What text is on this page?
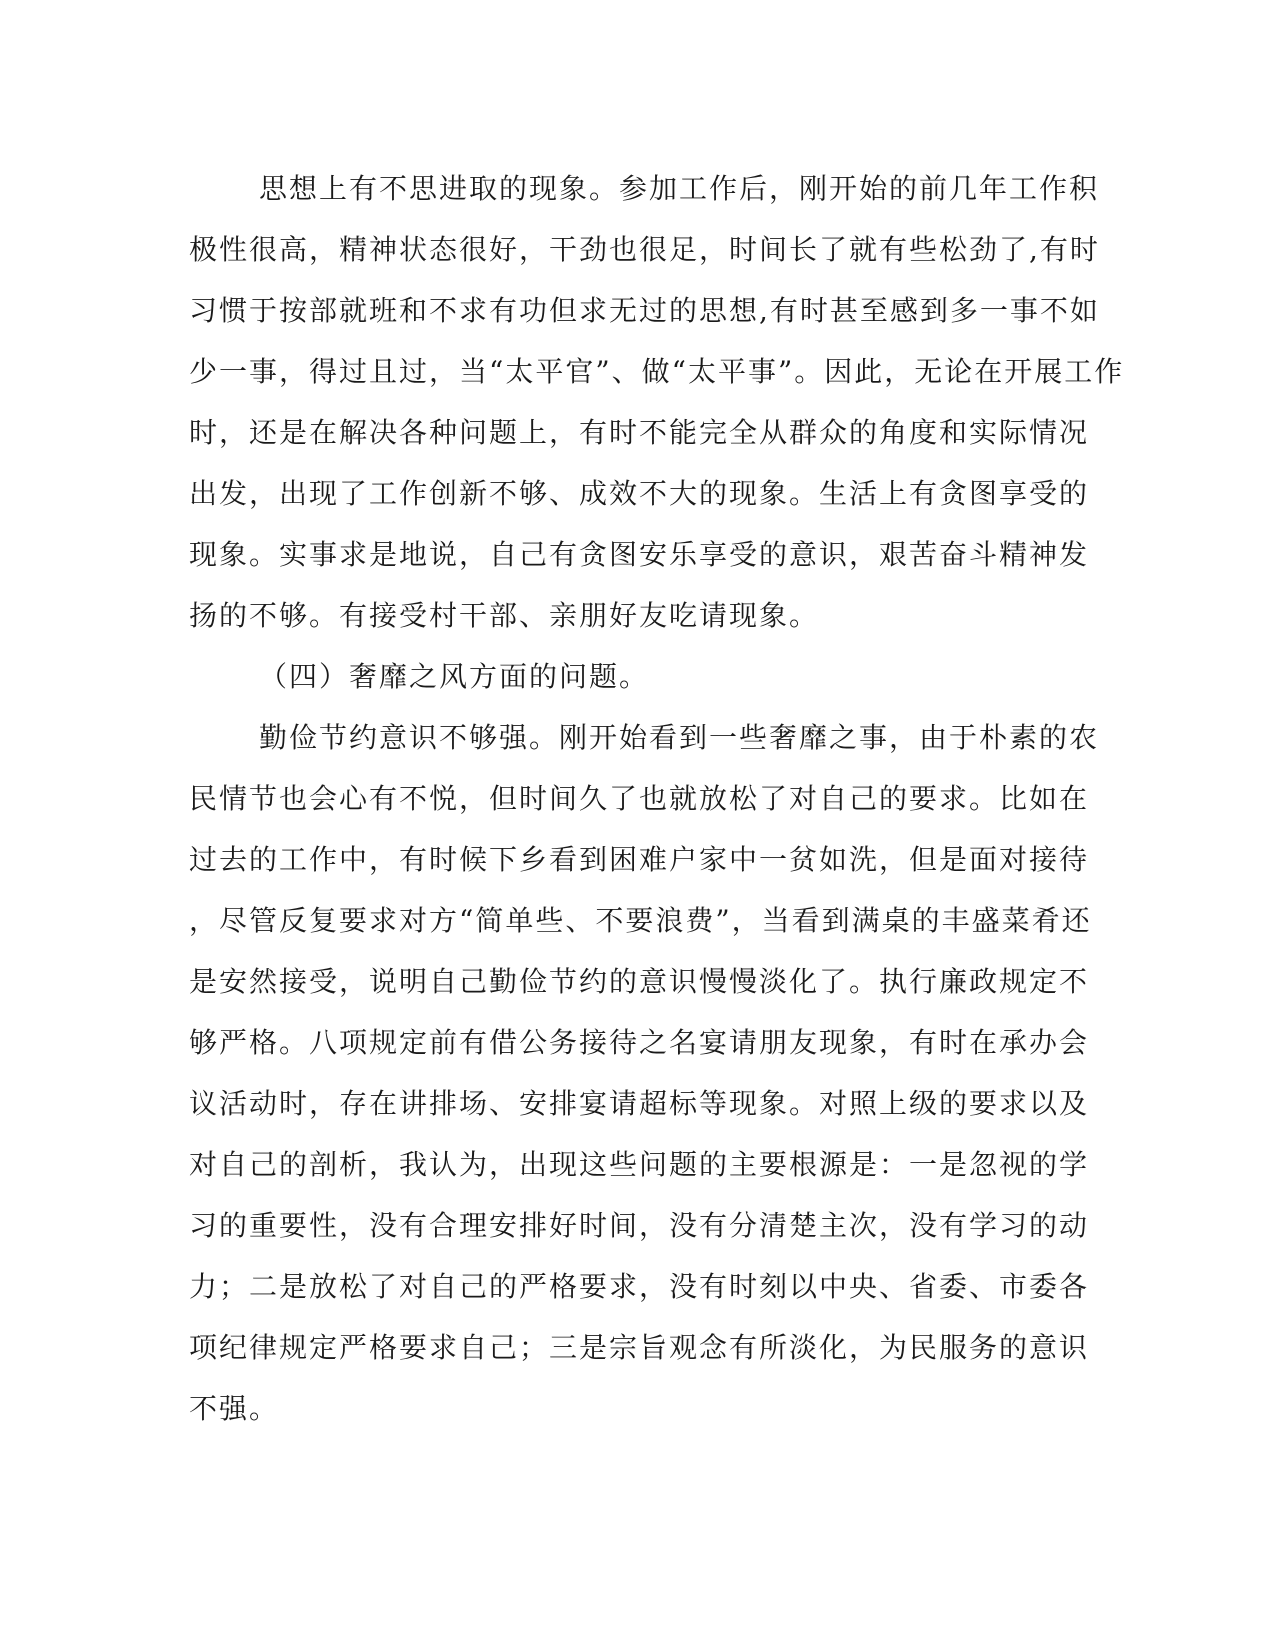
思想上有不思进取的现象。参加工作后，刚开始的前几年工作积
极性很高，精神状态很好，干劲也很足，时间长了就有些松劲了,有时
习惯于按部就班和不求有功但求无过的思想,有时甚至感到多一事不如
少一事，得过且过，当“太平官”、做“太平事”。因此，无论在开展工作
时，还是在解决各种问题上，有时不能完全从群众的角度和实际情况
出发，出现了工作创新不够、成效不大的现象。生活上有贪图享受的
现象。实事求是地说，自己有贪图安乐享受的意识，艰苦奋斗精神发
扬的不够。有接受村干部、亲朋好友吃请现象。
（四）奢靡之风方面的问题。
勤俭节约意识不够强。刚开始看到一些奢靡之事，由于朴素的农
民情节也会心有不悦，但时间久了也就放松了对自己的要求。比如在
过去的工作中，有时候下乡看到困难户家中一贫如洗，但是面对接待
，尽管反复要求对方“简单些、不要浪费”，当看到满桌的丰盛菜肴还
是安然接受，说明自己勤俭节约的意识慢慢淡化了。执行廉政规定不
够严格。八项规定前有借公务接待之名宴请朋友现象，有时在承办会
议活动时，存在讲排场、安排宴请超标等现象。对照上级的要求以及
对自己的剖析，我认为，出现这些问题的主要根源是：一是忽视的学
习的重要性，没有合理安排好时间，没有分清楚主次，没有学习的动
力；二是放松了对自己的严格要求，没有时刻以中央、省委、市委各
项纪律规定严格要求自己；三是宗旨观念有所淡化，为民服务的意识
不强。
